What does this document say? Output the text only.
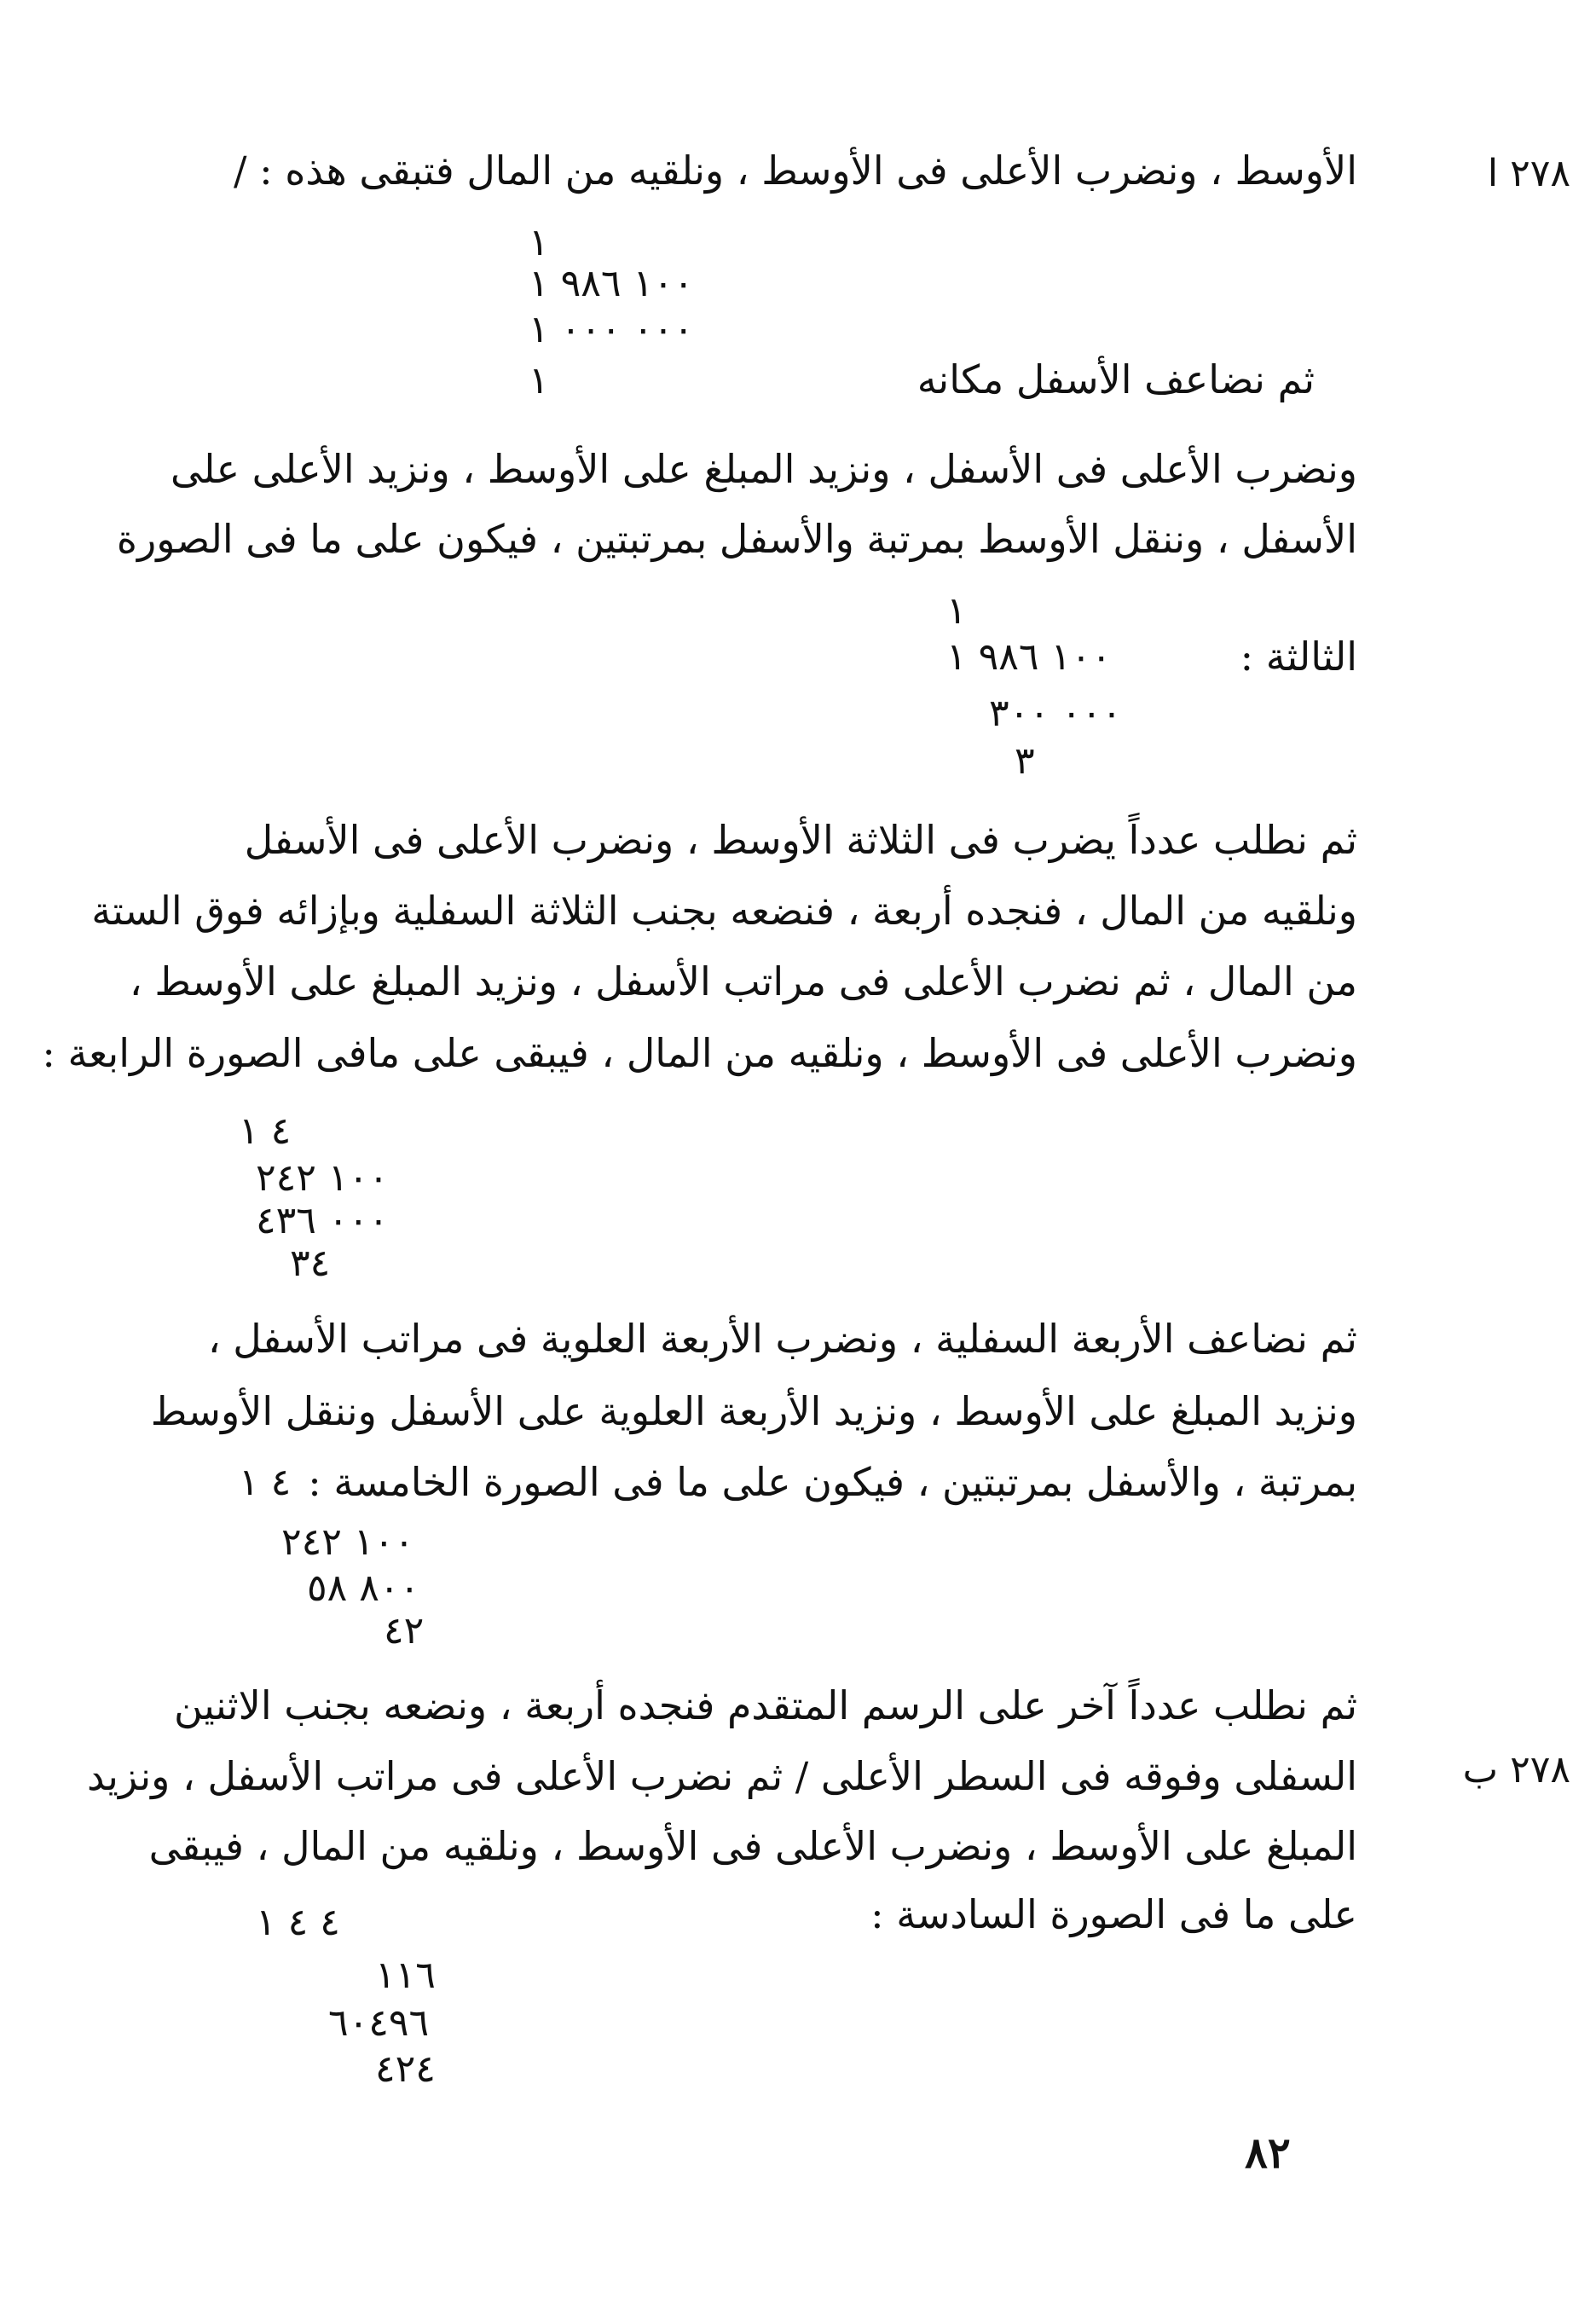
٢٧٨ ا
٢٧٨ ب
الأوسط ، ونضرب الأعلى فى الأوسط ، ونلقيه من المال فتبقى هذه : /
١
١٠٠ ٩٨٦ ١
٠٠٠ ٠٠٠ ١
١	ثم نضاعف الأسفل مكانه
ونضرب الأعلى فى الأسفل ، ونزيد المبلغ على الأوسط ، ونزيد الأعلى على
الأسفل ، وننقل الأوسط بمرتبة والأسفل بمرتبتين ، فيكون على ما فى الصورة
الثالثة :
١
١٠٠ ٩٨٦ ١
٠٠٠ ٣٠٠
٣
ثم نطلب عدداً يضرب فى الثلاثة الأوسط ، ونضرب الأعلى فى الأسفل
ونلقيه من المال ، فنجده أربعة ، فنضعه بجنب الثلاثة السفلية وبإزائه فوق الستة
من المال ، ثم نضرب الأعلى فى مراتب الأسفل ، ونزيد المبلغ على الأوسط ،
ونضرب الأعلى فى الأوسط ، ونلقيه من المال ، فيبقى على مافى الصورة الرابعة :
٤ ١
١٠٠ ٢٤٢
٠٠٠ ٤٣٦
٣٤
ثم نضاعف الأربعة السفلية ، ونضرب الأربعة العلوية فى مراتب الأسفل ،
ونزيد المبلغ على الأوسط ، ونزيد الأربعة العلوية على الأسفل وننقل الأوسط
بمرتبة ، والأسفل بمرتبتين ، فيكون على ما فى الصورة الخامسة :
٤ ١
١٠٠ ٢٤٢
٨٠٠ ٥٨
٤٢
ثم نطلب عدداً آخر على الرسم المتقدم فنجده أربعة ، ونضعه بجنب الاثنين
السفلى وفوقه فى السطر الأعلى / ثم نضرب الأعلى فى مراتب الأسفل ، ونزيد
المبلغ على الأوسط ، ونضرب الأعلى فى الأوسط ، ونلقيه من المال ، فيبقى
على ما فى الصورة السادسة :
٤ ٤ ١
١١٦
٦٠٤٩٦
٤٢٤
٨٢
